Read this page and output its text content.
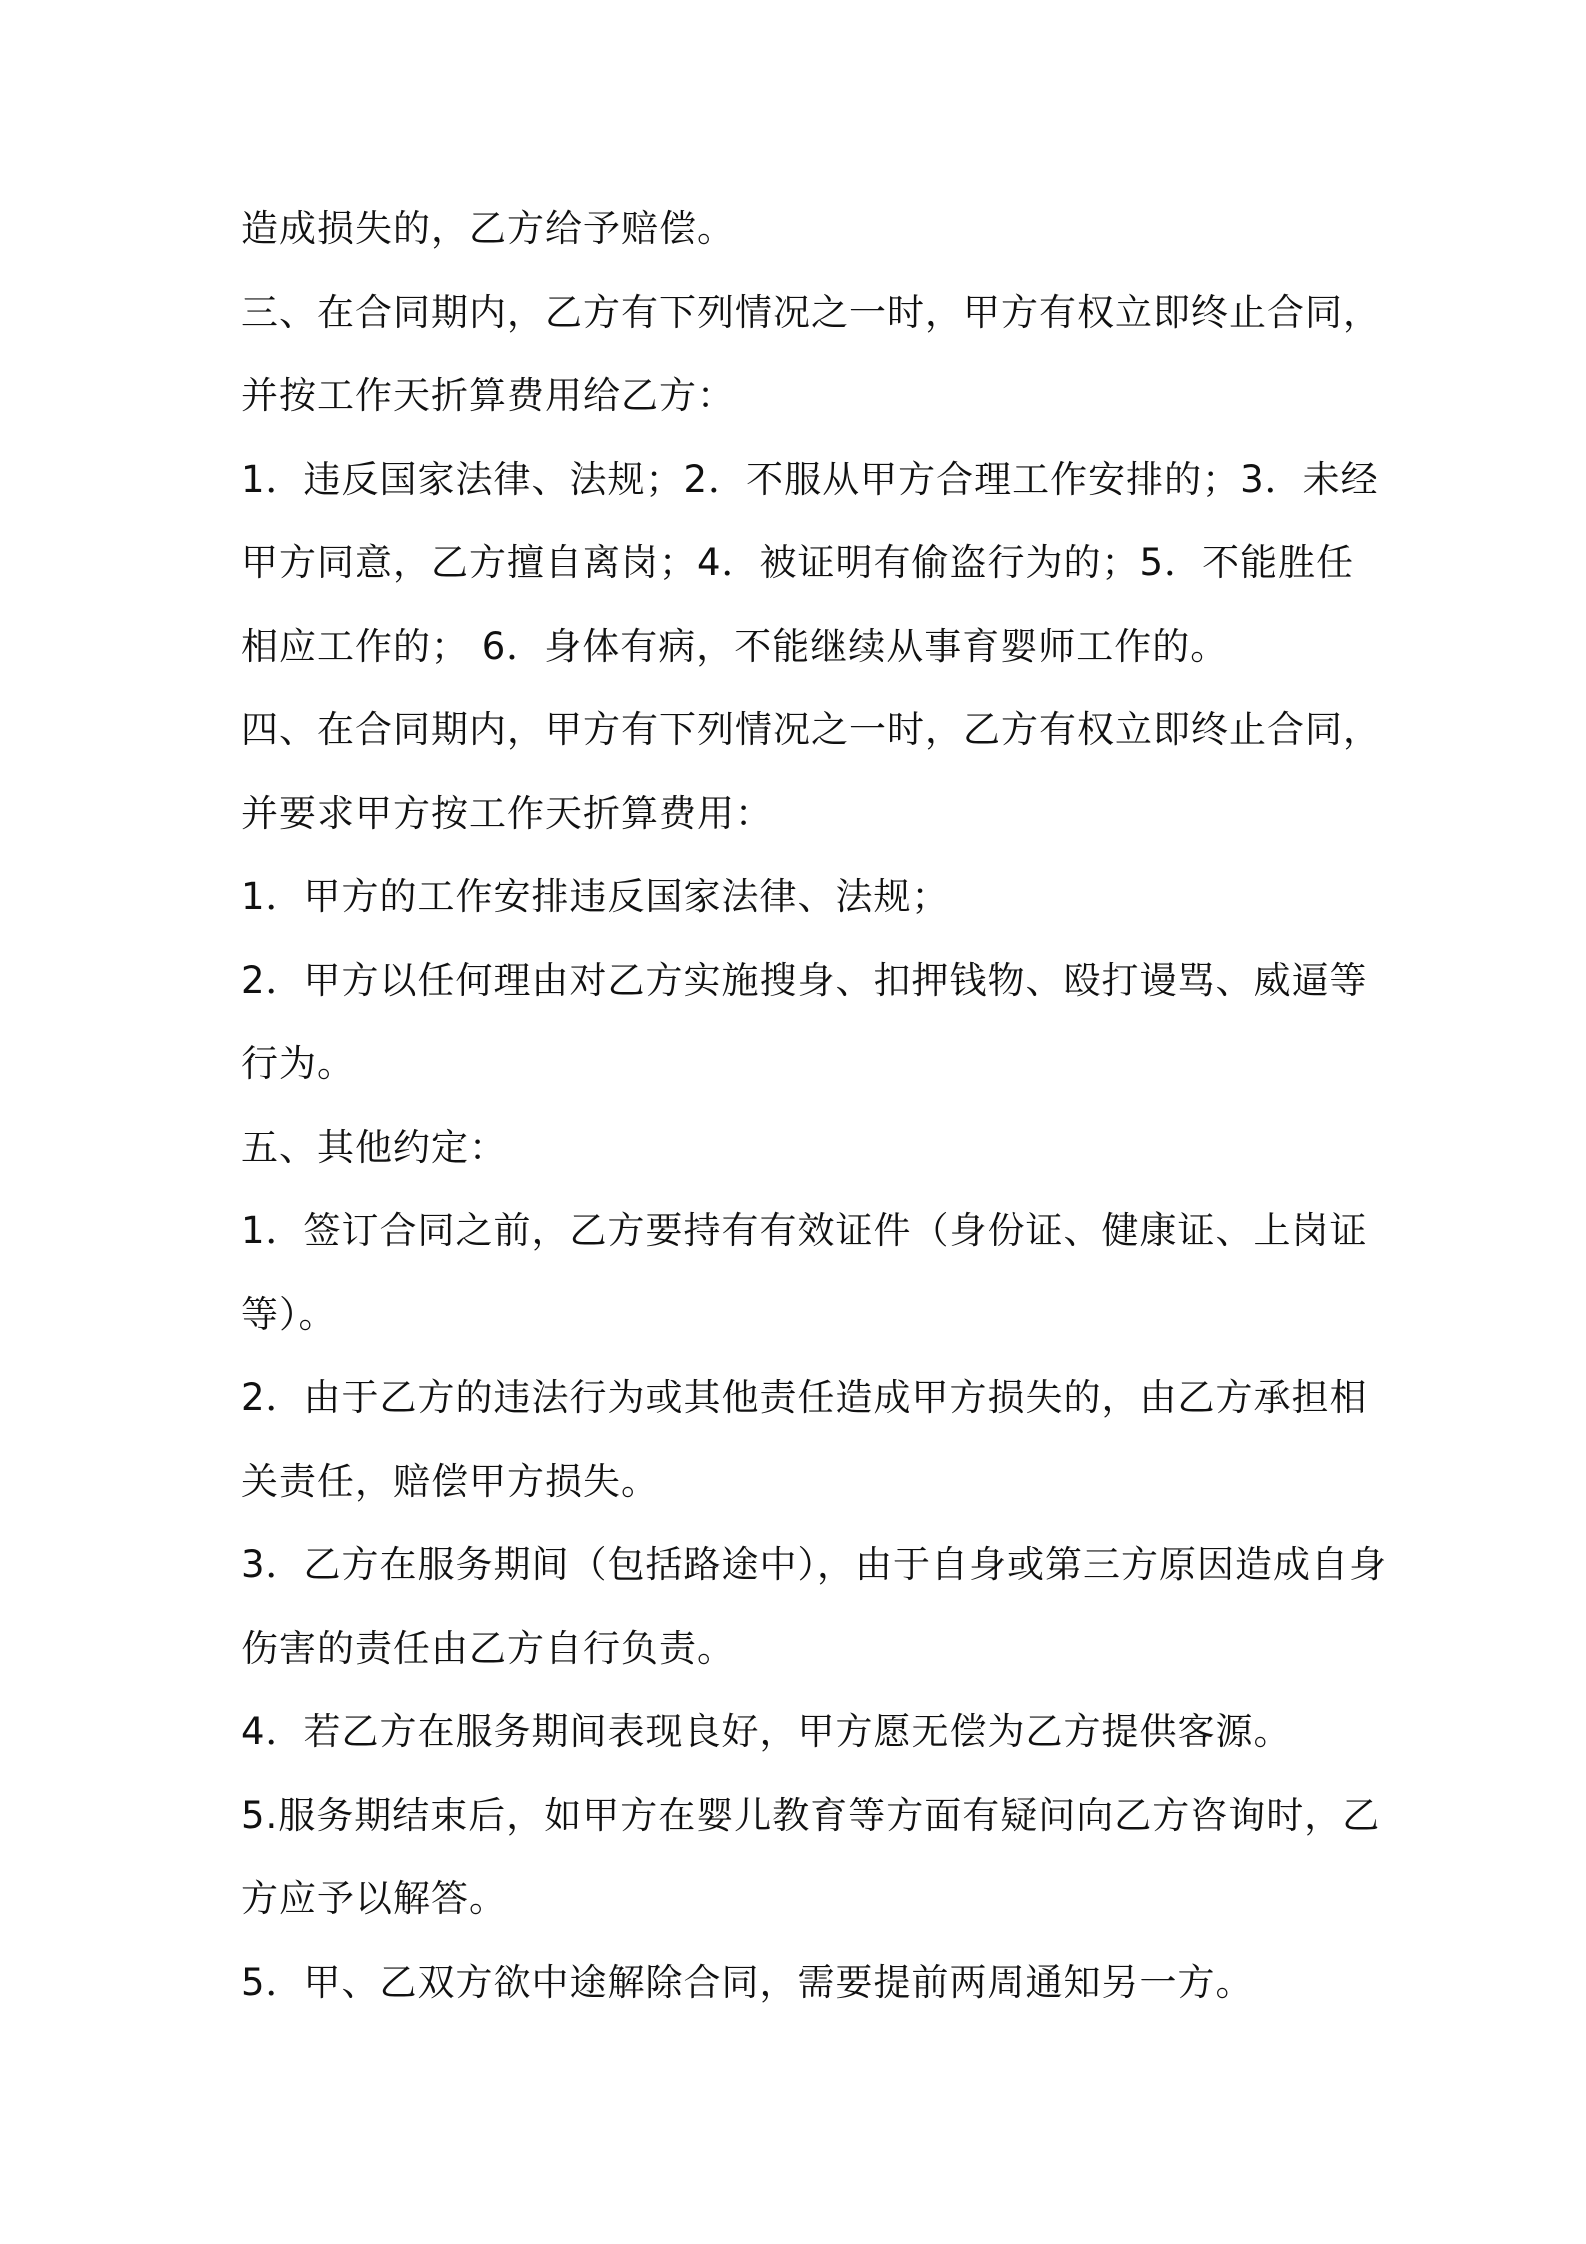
造成损失的，乙方给予赔偿。
三、在合同期内，乙方有下列情况之一时，甲方有权立即终止合同，
并按工作天折算费用给乙方：
1．违反国家法律、法规；2．不服从甲方合理工作安排的；3．未经
甲方同意，乙方擅自离岗；4．被证明有偷盗行为的；5．不能胜任
相应工作的； 6．身体有病，不能继续从事育婴师工作的。
四、在合同期内，甲方有下列情况之一时，乙方有权立即终止合同，
并要求甲方按工作天折算费用：
1．甲方的工作安排违反国家法律、法规；
2．甲方以任何理由对乙方实施搜身、扣押钱物、殴打谩骂、威逼等
行为。
五、其他约定：
1．签订合同之前，乙方要持有有效证件（身份证、健康证、上岗证
等）。
2．由于乙方的违法行为或其他责任造成甲方损失的，由乙方承担相
关责任，赔偿甲方损失。
3．乙方在服务期间（包括路途中），由于自身或第三方原因造成自身
伤害的责任由乙方自行负责。
4．若乙方在服务期间表现良好，甲方愿无偿为乙方提供客源。
5.服务期结束后，如甲方在婴儿教育等方面有疑问向乙方咨询时，乙
方应予以解答。
5．甲、乙双方欲中途解除合同，需要提前两周通知另一方。
